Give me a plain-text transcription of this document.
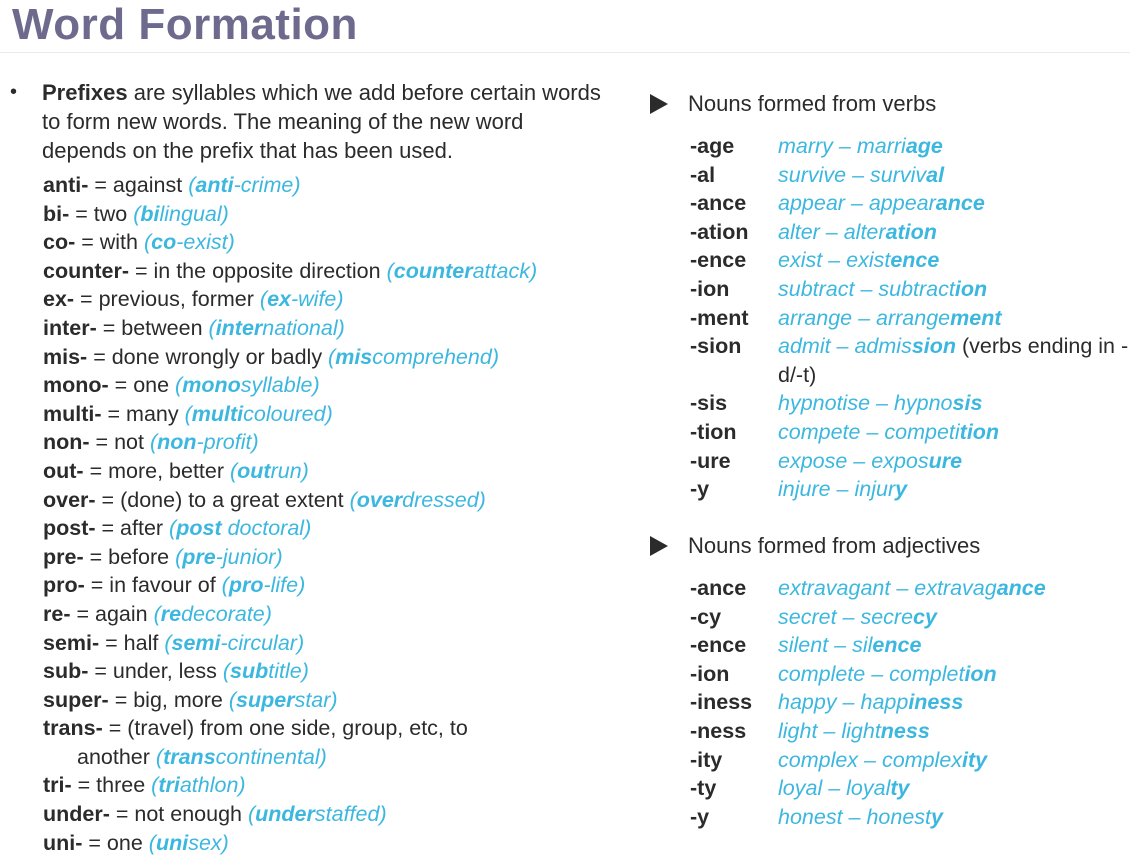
Word Formation
• Prefixes are syllables which we add before certain words to form new words. The meaning of the new word depends on the prefix that has been used.
anti- = against (anti-crime)
bi- = two (bilingual)
co- = with (co-exist)
counter- = in the opposite direction (counterattack)
ex- = previous, former (ex-wife)
inter- = between (international)
mis- = done wrongly or badly (miscomprehend)
mono- = one (monosyllable)
multi- = many (multicoloured)
non- = not (non-profit)
out- = more, better (outrun)
over- = (done) to a great extent (overdressed)
post- = after (post doctoral)
pre- = before (pre-junior)
pro- = in favour of (pro-life)
re- = again (redecorate)
semi- = half (semi-circular)
sub- = under, less (subtitle)
super- = big, more (superstar)
trans- = (travel) from one side, group, etc, to
another (transcontinental)
tri- = three (triathlon)
under- = not enough (understaffed)
uni- = one (unisex)
Nouns formed from verbs
-age	marry – marriage
-al	survive – survival
-ance	appear – appearance
-ation	alter – alteration
-ence	exist – existence
-ion	subtract – subtraction
-ment	arrange – arrangement
-sion	admit – admission (verbs ending in -d/-t)
-sis	hypnotise – hypnosis
-tion	compete – competition
-ure	expose – exposure
-y	injure – injury
Nouns formed from adjectives
-ance	extravagant – extravagance
-cy	secret – secrecy
-ence	silent – silence
-ion	complete – completion
-iness	happy – happiness
-ness	light – lightness
-ity	complex – complexity
-ty	loyal – loyalty
-y	honest – honesty
